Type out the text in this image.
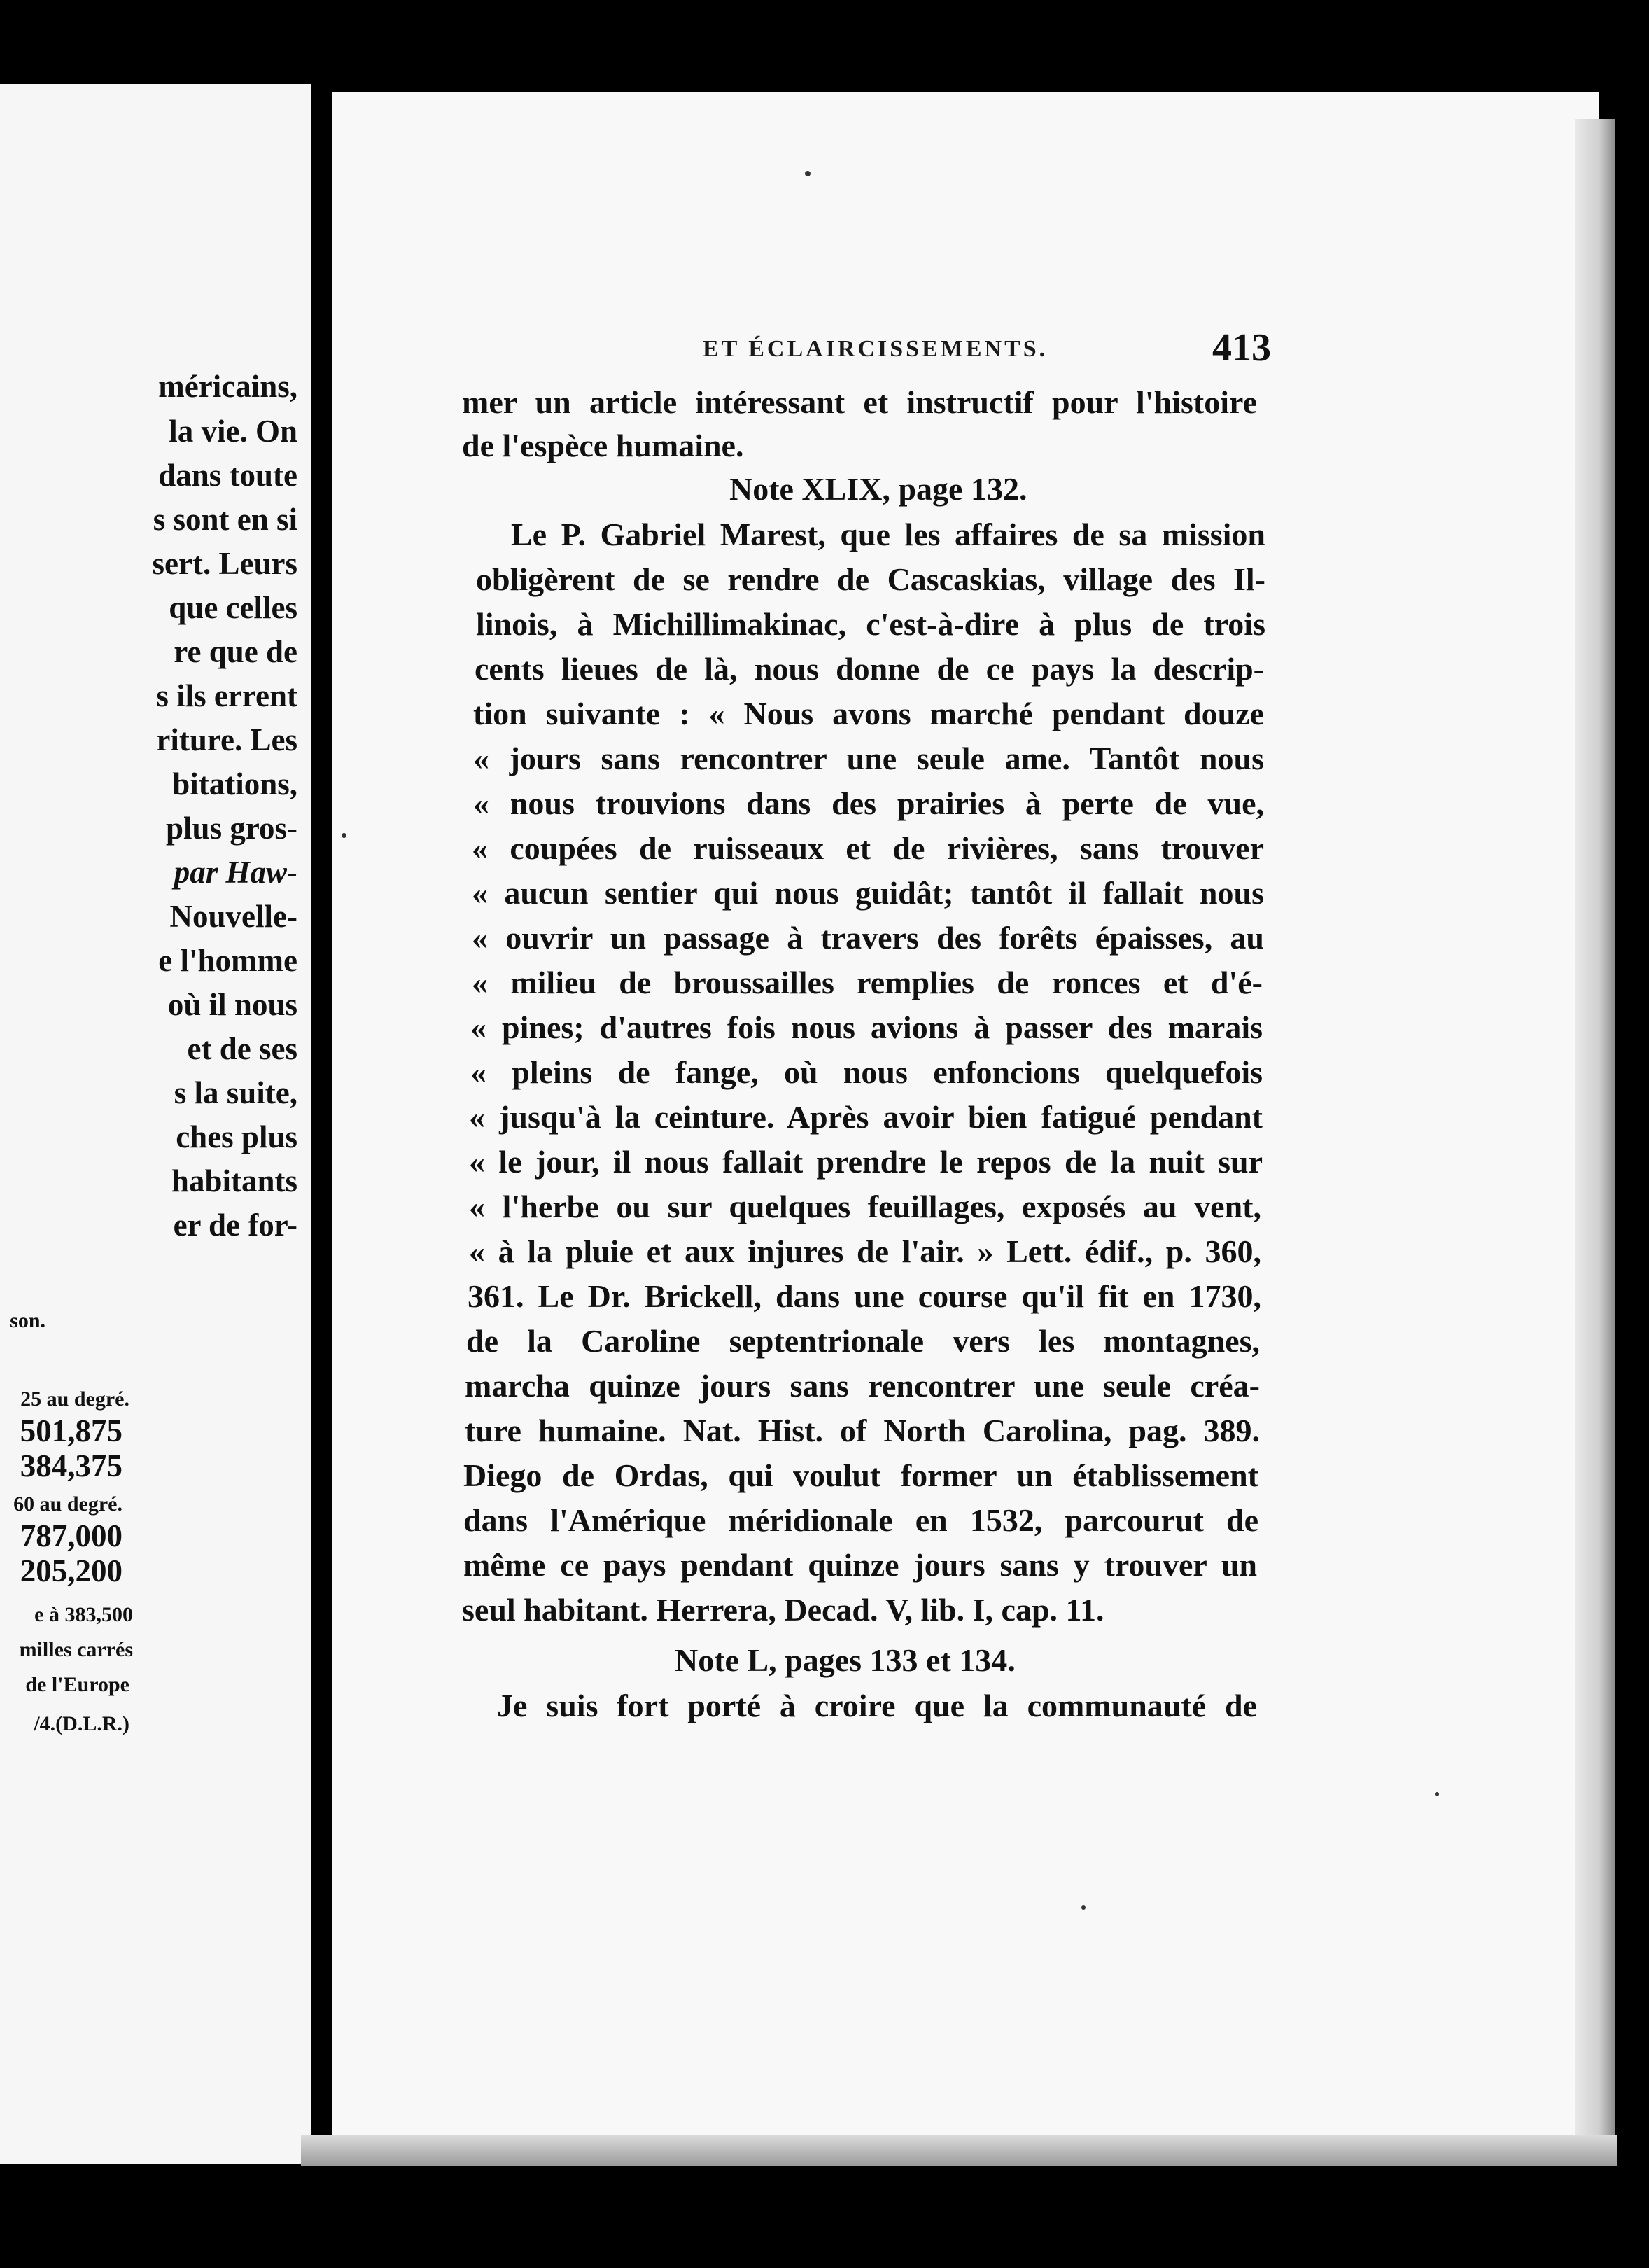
méricains,
la vie. On
dans toute
s sont en si
sert. Leurs
que celles
re que de
s ils errent
riture. Les
bitations,
plus gros-
par Haw-
Nouvelle-
e l'homme
où il nous
et de ses
s la suite,
ches plus
habitants
er de for-
son.
25 au degré.
501,875
384,375
60 au degré.
787,000
205,200
e à 383,500
milles carrés
de l'Europe
/4.(D.L.R.)
ET ÉCLAIRCISSEMENTS.	413
mer un article intéressant et instructif pour l'histoire
de l'espèce humaine.
Note XLIX, page 132.
Le P. Gabriel Marest, que les affaires de sa mission
obligèrent de se rendre de Cascaskias, village des Il-
linois, à Michillimakinac, c'est-à-dire à plus de trois
cents lieues de là, nous donne de ce pays la descrip-
tion suivante : « Nous avons marché pendant douze
« jours sans rencontrer une seule ame. Tantôt nous
« nous trouvions dans des prairies à perte de vue,
« coupées de ruisseaux et de rivières, sans trouver
« aucun sentier qui nous guidât; tantôt il fallait nous
« ouvrir un passage à travers des forêts épaisses, au
« milieu de broussailles remplies de ronces et d'é-
« pines; d'autres fois nous avions à passer des marais
« pleins de fange, où nous enfoncions quelquefois
« jusqu'à la ceinture. Après avoir bien fatigué pendant
« le jour, il nous fallait prendre le repos de la nuit sur
« l'herbe ou sur quelques feuillages, exposés au vent,
« à la pluie et aux injures de l'air. » Lett. édif., p. 360,
361. Le Dr. Brickell, dans une course qu'il fit en 1730,
de la Caroline septentrionale vers les montagnes,
marcha quinze jours sans rencontrer une seule créa-
ture humaine. Nat. Hist. of North Carolina, pag. 389.
Diego de Ordas, qui voulut former un établissement
dans l'Amérique méridionale en 1532, parcourut de
même ce pays pendant quinze jours sans y trouver un
seul habitant. Herrera, Decad. V, lib. I, cap. 11.
Note L, pages 133 et 134.
Je suis fort porté à croire que la communauté de
